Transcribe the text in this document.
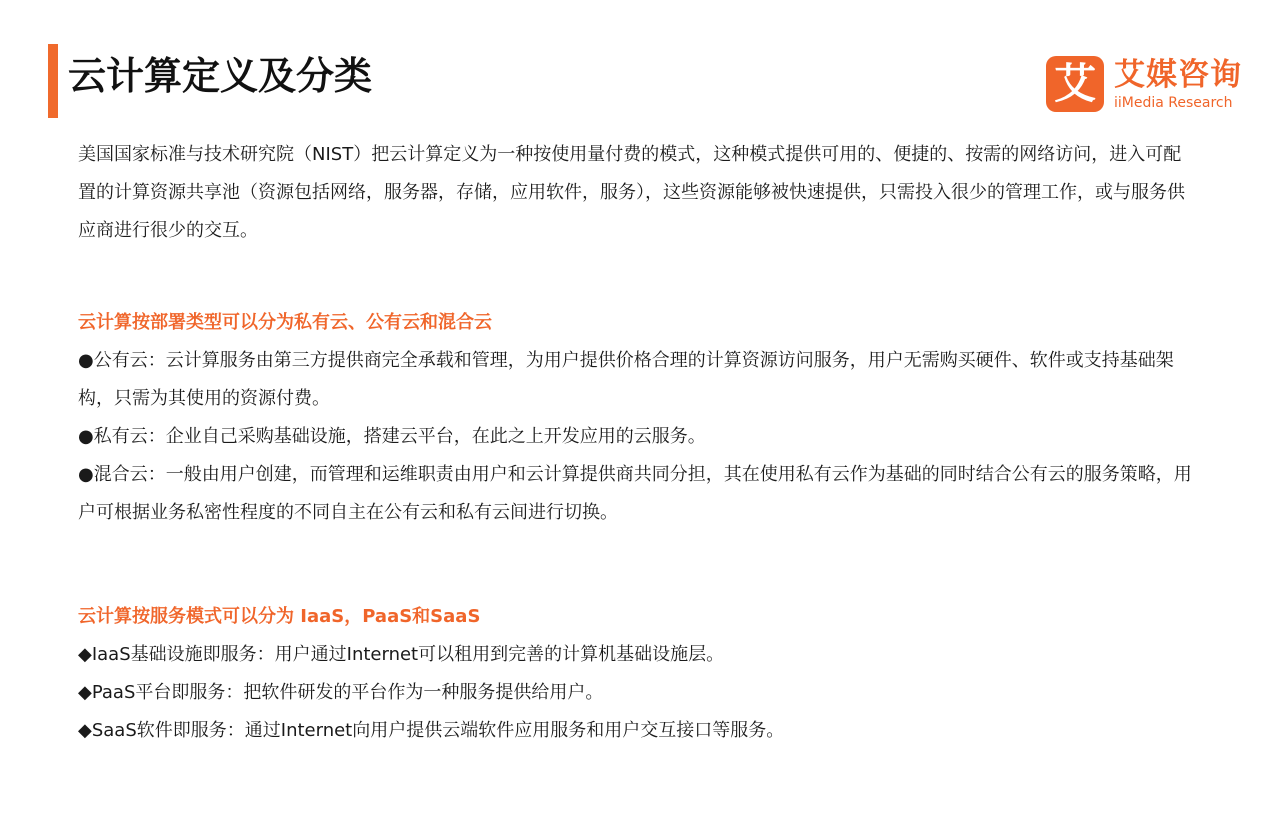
云计算定义及分类	艾 艾媒咨询
iiMedia Research

美国国家标准与技术研究院（NIST）把云计算定义为一种按使用量付费的模式，这种模式提供可用的、便捷的、按需的网络访问，进入可配置的计算资源共享池（资源包括网络，服务器，存储，应用软件，服务），这些资源能够被快速提供，只需投入很少的管理工作，或与服务供应商进行很少的交互。

云计算按部署类型可以分为私有云、公有云和混合云

●公有云：云计算服务由第三方提供商完全承载和管理，为用户提供价格合理的计算资源访问服务，用户无需购买硬件、软件或支持基础架构，只需为其使用的资源付费。

●私有云：企业自己采购基础设施，搭建云平台，在此之上开发应用的云服务。

●混合云：一般由用户创建，而管理和运维职责由用户和云计算提供商共同分担，其在使用私有云作为基础的同时结合公有云的服务策略，用户可根据业务私密性程度的不同自主在公有云和私有云间进行切换。

云计算按服务模式可以分为 IaaS，PaaS和SaaS

◆IaaS基础设施即服务：用户通过Internet可以租用到完善的计算机基础设施层。

◆PaaS平台即服务：把软件研发的平台作为一种服务提供给用户。

◆SaaS软件即服务：通过Internet向用户提供云端软件应用服务和用户交互接口等服务。
